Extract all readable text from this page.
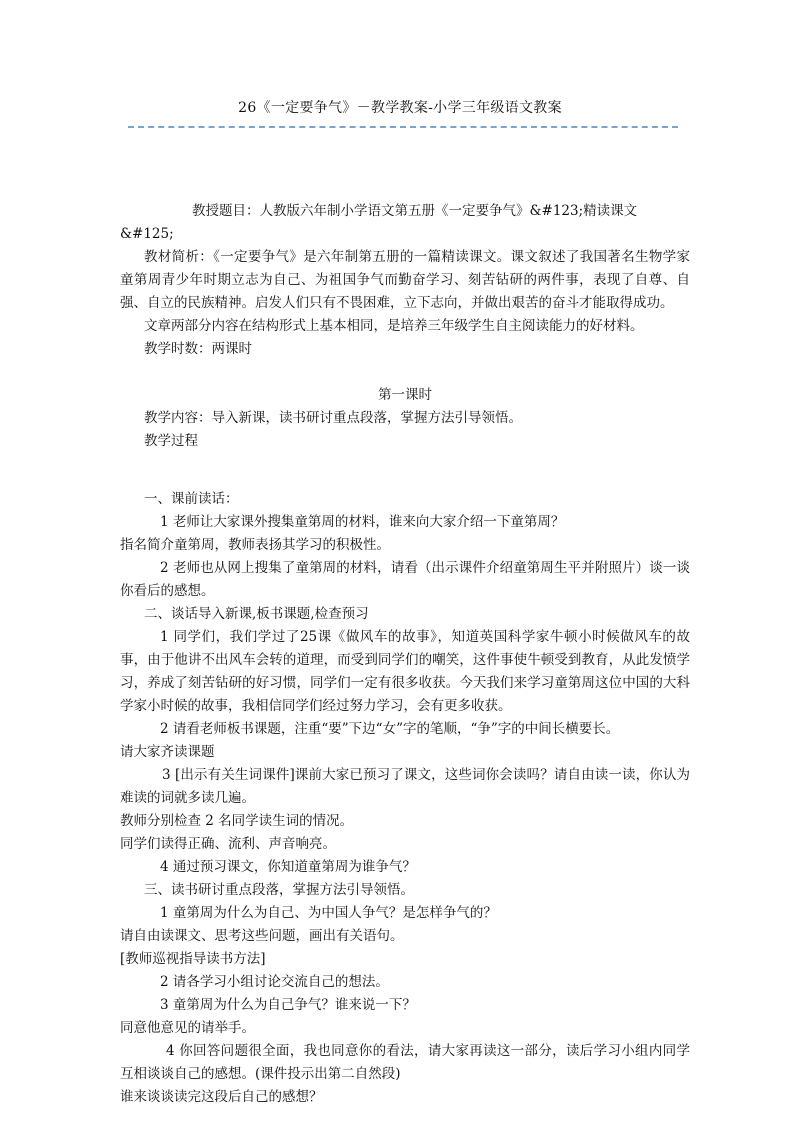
26《一定要争气》－教学教案-小学三年级语文教案

教授题目：人教版六年制小学语文第五册《一定要争气》&#123;精读课文&#125;

教材简析：《一定要争气》是六年制第五册的一篇精读课文。课文叙述了我国著名生物学家童第周青少年时期立志为自己、为祖国争气而勤奋学习、刻苦钻研的两件事，表现了自尊、自强、自立的民族精神。启发人们只有不畏困难，立下志向，并做出艰苦的奋斗才能取得成功。

文章两部分内容在结构形式上基本相同，是培养三年级学生自主阅读能力的好材料。

教学时数：两课时

第一课时

教学内容：导入新课，读书研讨重点段落，掌握方法引导领悟。

教学过程

一、课前读话：

1 老师让大家课外搜集童第周的材料，谁来向大家介绍一下童第周？

指名简介童第周，教师表扬其学习的积极性。

2 老师也从网上搜集了童第周的材料，请看（出示课件介绍童第周生平并附照片）谈一谈你看后的感想。

二、谈话导入新课,板书课题,检查预习

1 同学们，我们学过了25课《做风车的故事》，知道英国科学家牛顿小时候做风车的故事，由于他讲不出风车会转的道理，而受到同学们的嘲笑，这件事使牛顿受到教育，从此发愤学习，养成了刻苦钻研的好习惯，同学们一定有很多收获。今天我们来学习童第周这位中国的大科学家小时候的故事，我相信同学们经过努力学习，会有更多收获。

2 请看老师板书课题，注重“要”下边“女”字的笔顺，“争”字的中间长横要长。

请大家齐读课题

3 [出示有关生词课件]课前大家已预习了课文，这些词你会读吗？请自由读一读，你认为难读的词就多读几遍。

教师分别检查 2 名同学读生词的情况。

同学们读得正确、流利、声音响亮。

4 通过预习课文，你知道童第周为谁争气？

三、读书研讨重点段落，掌握方法引导领悟。

1 童第周为什么为自己、为中国人争气？是怎样争气的？

请自由读课文、思考这些问题，画出有关语句。

[教师巡视指导读书方法]

2 请各学习小组讨论交流自己的想法。

3 童第周为什么为自己争气？谁来说一下？

同意他意见的请举手。

4 你回答问题很全面，我也同意你的看法，请大家再读这一部分，读后学习小组内同学互相谈谈自己的感想。(课件投示出第二自然段)

谁来谈谈读完这段后自己的感想？
